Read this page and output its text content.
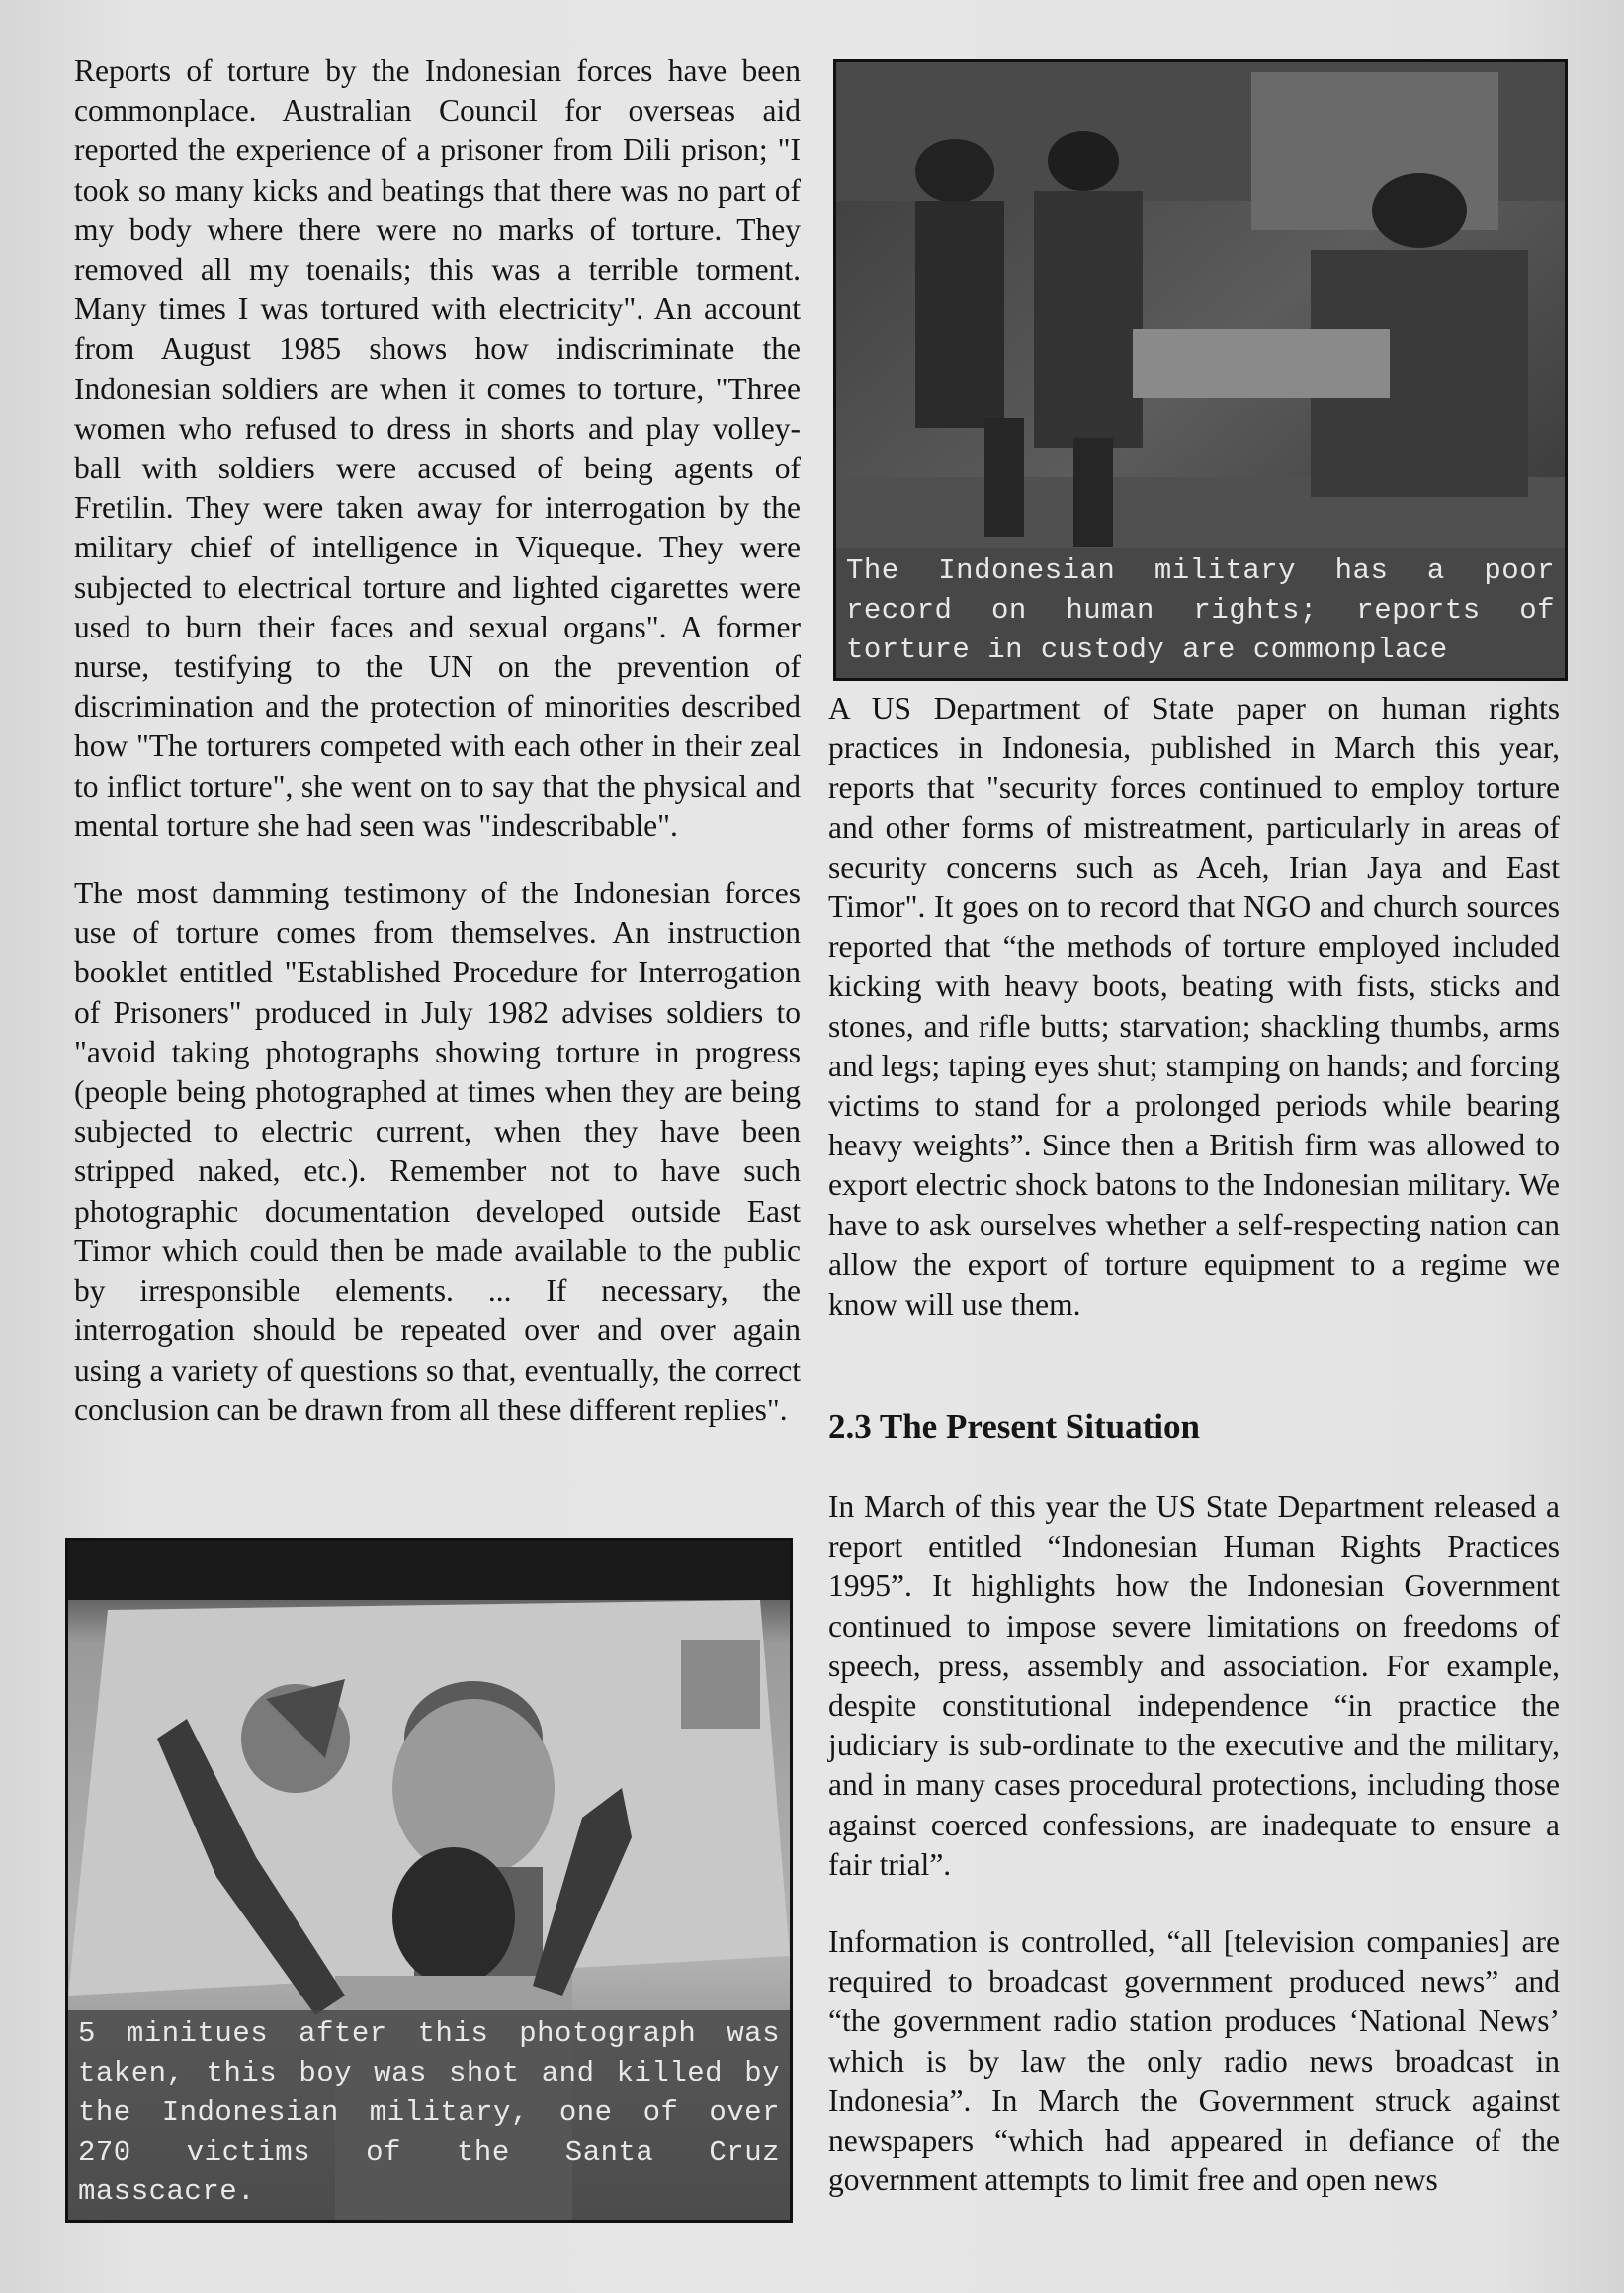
Reports of torture by the Indonesian forces have been commonplace. Australian Council for overseas aid reported the experience of a prisoner from Dili prison; "I took so many kicks and beatings that there was no part of my body where there were no marks of torture. They removed all my toenails; this was a terrible torment. Many times I was tortured with electricity". An account from August 1985 shows how indiscriminate the Indonesian soldiers are when it comes to torture, "Three women who refused to dress in shorts and play volley-ball with soldiers were accused of being agents of Fretilin. They were taken away for interrogation by the military chief of intelligence in Viqueque. They were subjected to electrical torture and lighted cigarettes were used to burn their faces and sexual organs". A former nurse, testifying to the UN on the prevention of discrimination and the protection of minorities described how "The torturers competed with each other in their zeal to inflict torture", she went on to say that the physical and mental torture she had seen was "indescribable".

The most damming testimony of the Indonesian forces use of torture comes from themselves. An instruction booklet entitled "Established Procedure for Interrogation of Prisoners" produced in July 1982 advises soldiers to "avoid taking photographs showing torture in progress (people being photographed at times when they are being subjected to electric current, when they have been stripped naked, etc.). Remember not to have such photographic documentation developed outside East Timor which could then be made available to the public by irresponsible elements. ... If necessary, the interrogation should be repeated over and over again using a variety of questions so that, eventually, the correct conclusion can be drawn from all these different replies".

The Indonesian military has a poor record on human rights; reports of torture in custody are commonplace

A US Department of State paper on human rights practices in Indonesia, published in March this year, reports that "security forces continued to employ torture and other forms of mistreatment, particularly in areas of security concerns such as Aceh, Irian Jaya and East Timor". It goes on to record that NGO and church sources reported that “the methods of torture employed included kicking with heavy boots, beating with fists, sticks and stones, and rifle butts; starvation; shackling thumbs, arms and legs; taping eyes shut; stamping on hands; and forcing victims to stand for a prolonged periods while bearing heavy weights”. Since then a British firm was allowed to export electric shock batons to the Indonesian military. We have to ask ourselves whether a self-respecting nation can allow the export of torture equipment to a regime we know will use them.

2.3 The Present Situation

In March of this year the US State Department released a report entitled “Indonesian Human Rights Practices 1995”. It highlights how the Indonesian Government continued to impose severe limitations on freedoms of speech, press, assembly and association. For example, despite constitutional independence “in practice the judiciary is sub-ordinate to the executive and the military, and in many cases procedural protections, including those against coerced confessions, are inadequate to ensure a fair trial”.

Information is controlled, “all [television companies] are required to broadcast government produced news” and “the government radio station produces ‘National News’ which is by law the only radio news broadcast in Indonesia”. In March the Government struck against newspapers “which had appeared in defiance of the government attempts to limit free and open news

5 minitues after this photograph was taken, this boy was shot and killed by the Indonesian military, one of over 270 victims of the Santa Cruz masscacre.
